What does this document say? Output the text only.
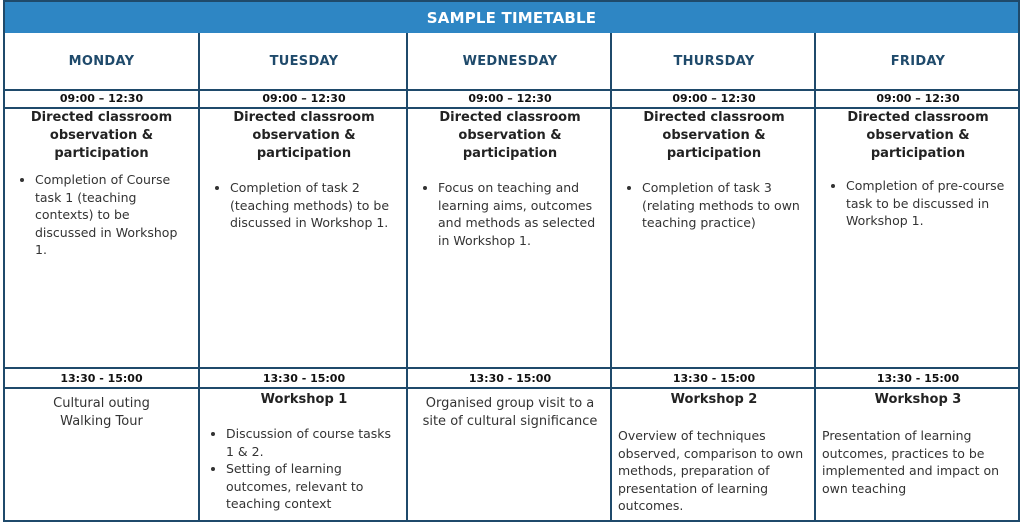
SAMPLE TIMETABLE
MONDAY
09:00 – 12:30
Directed classroom observation & participation
• Completion of Course task 1 (teaching contexts) to be discussed in Workshop 1.
13:30 - 15:00
Cultural outing
Walking Tour
TUESDAY
09:00 – 12:30
Directed classroom observation & participation
• Completion of task 2 (teaching methods) to be discussed in Workshop 1.
13:30 - 15:00
Workshop 1
• Discussion of course tasks 1 & 2.
• Setting of learning outcomes, relevant to teaching context
WEDNESDAY
09:00 – 12:30
Directed classroom observation & participation
• Focus on teaching and learning aims, outcomes and methods as selected in Workshop 1.
13:30 - 15:00
Organised group visit to a site of cultural significance
THURSDAY
09:00 – 12:30
Directed classroom observation & participation
• Completion of task 3 (relating methods to own teaching practice)
13:30 - 15:00
Workshop 2
Overview of techniques observed, comparison to own methods, preparation of presentation of learning outcomes.
FRIDAY
09:00 – 12:30
Directed classroom observation & participation
• Completion of pre-course task to be discussed in Workshop 1.
13:30 - 15:00
Workshop 3
Presentation of learning outcomes, practices to be implemented and impact on own teaching
